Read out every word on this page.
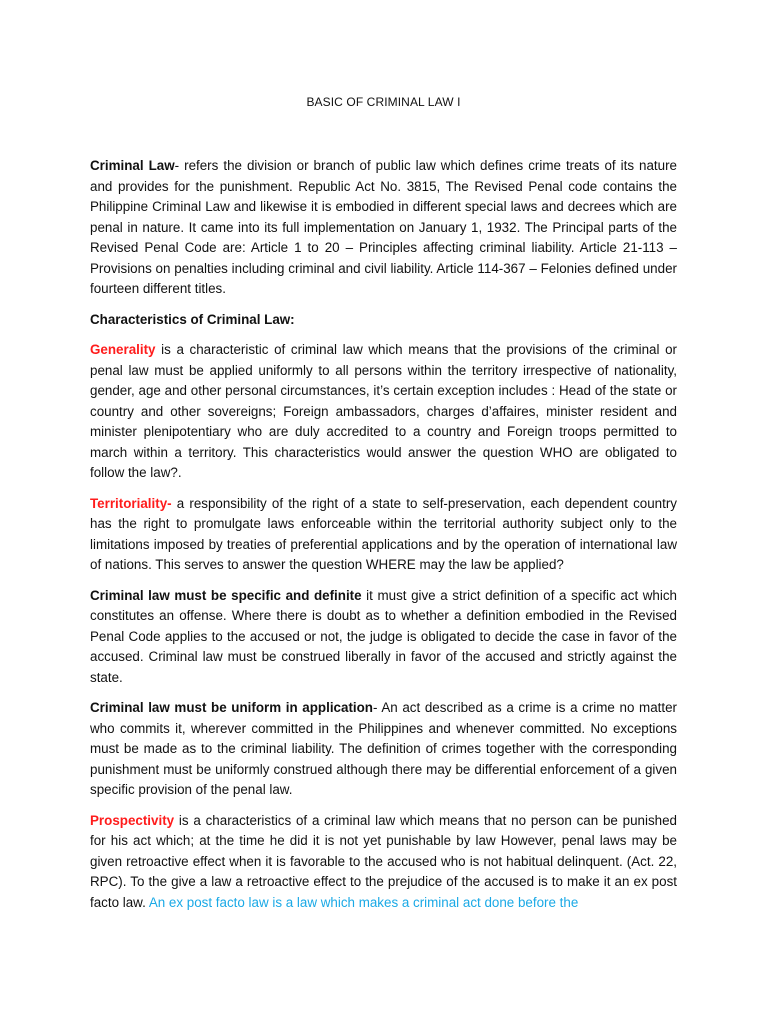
BASIC OF CRIMINAL LAW I

Criminal Law- refers the division or branch of public law which defines crime treats of its nature and provides for the punishment. Republic Act No. 3815, The Revised Penal code contains the Philippine Criminal Law and likewise it is embodied in different special laws and decrees which are penal in nature. It came into its full implementation on January 1, 1932. The Principal parts of the Revised Penal Code are: Article 1 to 20 – Principles affecting criminal liability. Article 21-113 – Provisions on penalties including criminal and civil liability. Article 114-367 – Felonies defined under fourteen different titles.

Characteristics of Criminal Law:

Generality is a characteristic of criminal law which means that the provisions of the criminal or penal law must be applied uniformly to all persons within the territory irrespective of nationality, gender, age and other personal circumstances, it’s certain exception includes : Head of the state or country and other sovereigns; Foreign ambassadors, charges d’affaires, minister resident and minister plenipotentiary who are duly accredited to a country and Foreign troops permitted to march within a territory. This characteristics would answer the question WHO are obligated to follow the law?.

Territoriality- a responsibility of the right of a state to self-preservation, each dependent country has the right to promulgate laws enforceable within the territorial authority subject only to the limitations imposed by treaties of preferential applications and by the operation of international law of nations. This serves to answer the question WHERE may the law be applied?

Criminal law must be specific and definite it must give a strict definition of a specific act which constitutes an offense. Where there is doubt as to whether a definition embodied in the Revised Penal Code applies to the accused or not, the judge is obligated to decide the case in favor of the accused. Criminal law must be construed liberally in favor of the accused and strictly against the state.

Criminal law must be uniform in application- An act described as a crime is a crime no matter who commits it, wherever committed in the Philippines and whenever committed. No exceptions must be made as to the criminal liability. The definition of crimes together with the corresponding punishment must be uniformly construed although there may be differential enforcement of a given specific provision of the penal law.

Prospectivity is a characteristics of a criminal law which means that no person can be punished for his act which; at the time he did it is not yet punishable by law However, penal laws may be given retroactive effect when it is favorable to the accused who is not habitual delinquent. (Act. 22, RPC). To the give a law a retroactive effect to the prejudice of the accused is to make it an ex post facto law. An ex post facto law is a law which makes a criminal act done before the
